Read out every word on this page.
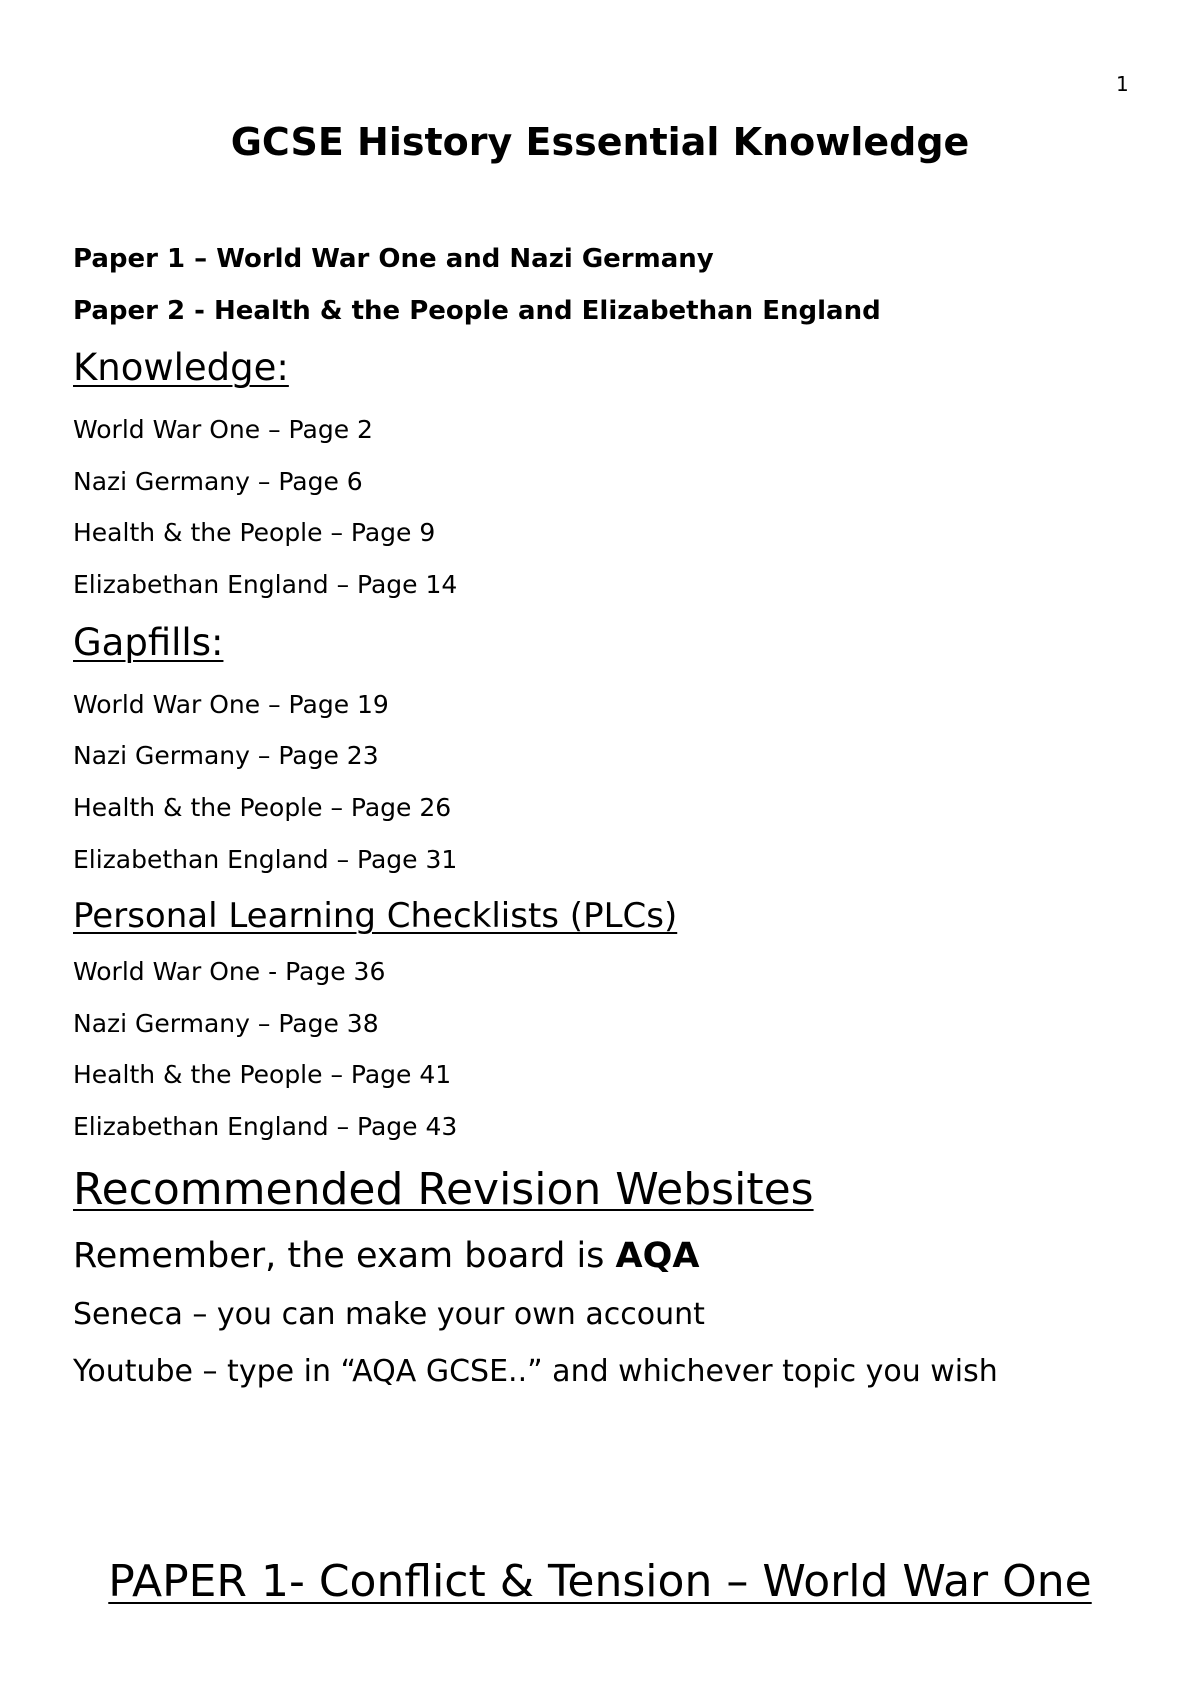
1
GCSE History Essential Knowledge
Paper 1 – World War One and Nazi Germany
Paper 2 - Health & the People and Elizabethan England
Knowledge:
World War One – Page 2
Nazi Germany – Page 6
Health & the People – Page 9
Elizabethan England – Page 14
Gapfills:
World War One – Page 19
Nazi Germany – Page 23
Health & the People – Page 26
Elizabethan England – Page 31
Personal Learning Checklists (PLCs)
World War One - Page 36
Nazi Germany – Page 38
Health & the People – Page 41
Elizabethan England – Page 43
Recommended Revision Websites
Remember, the exam board is AQA
Seneca – you can make your own account
Youtube – type in “AQA GCSE..” and whichever topic you wish
PAPER 1- Conflict & Tension – World War One
